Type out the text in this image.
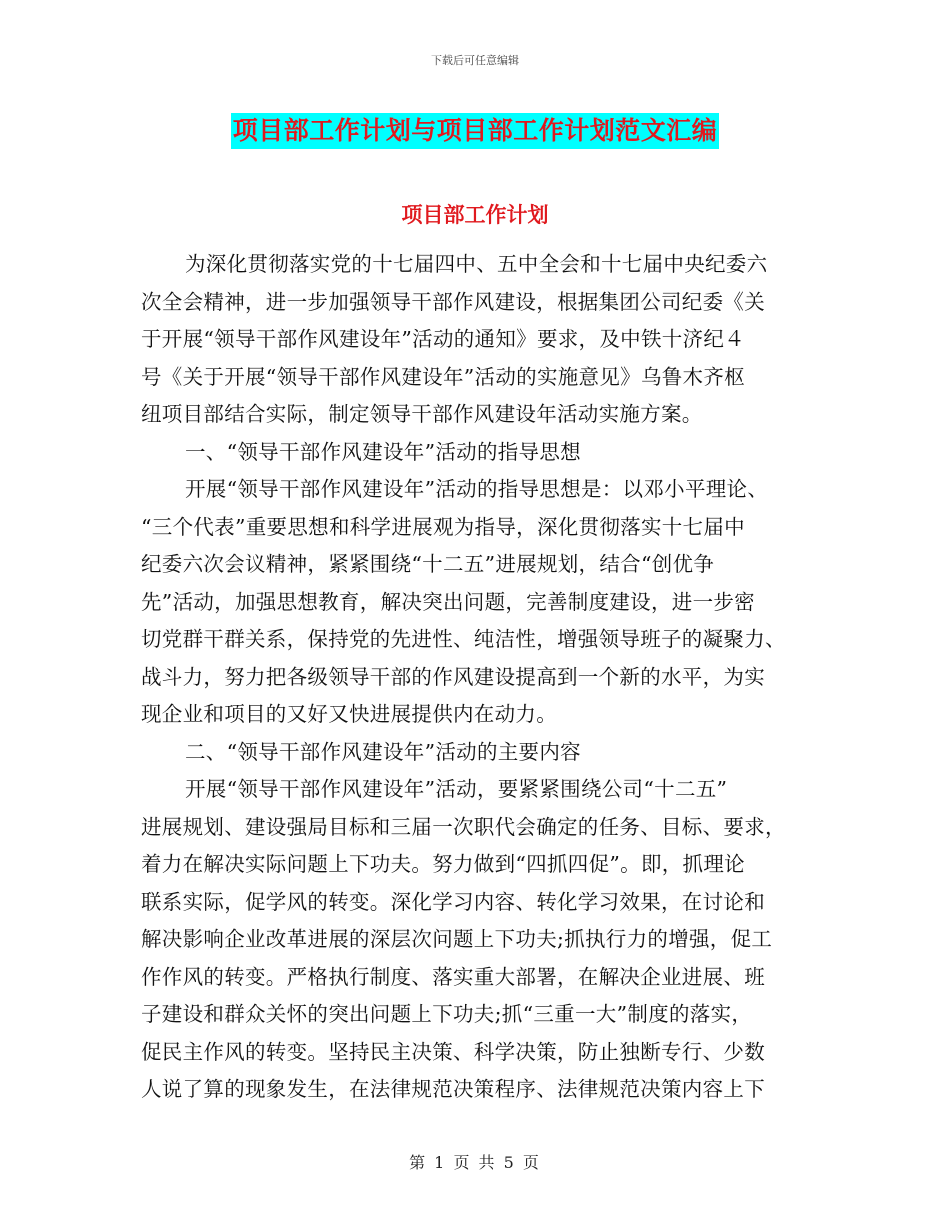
下载后可任意编辑
项目部工作计划与项目部工作计划范文汇编
项目部工作计划
为深化贯彻落实党的十七届四中、五中全会和十七届中央纪委六
次全会精神，进一步加强领导干部作风建设，根据集团公司纪委《关
于开展“领导干部作风建设年”活动的通知》要求，及中铁十济纪４
号《关于开展“领导干部作风建设年”活动的实施意见》乌鲁木齐枢
纽项目部结合实际，制定领导干部作风建设年活动实施方案。
一、“领导干部作风建设年”活动的指导思想
开展“领导干部作风建设年”活动的指导思想是：以邓小平理论、
“三个代表”重要思想和科学进展观为指导，深化贯彻落实十七届中
纪委六次会议精神，紧紧围绕“十二五”进展规划，结合“创优争
先”活动，加强思想教育，解决突出问题，完善制度建设，进一步密
切党群干群关系，保持党的先进性、纯洁性，增强领导班子的凝聚力、
战斗力，努力把各级领导干部的作风建设提高到一个新的水平，为实
现企业和项目的又好又快进展提供内在动力。
二、“领导干部作风建设年”活动的主要内容
开展“领导干部作风建设年”活动，要紧紧围绕公司“十二五”
进展规划、建设强局目标和三届一次职代会确定的任务、目标、要求，
着力在解决实际问题上下功夫。努力做到“四抓四促”。即，抓理论
联系实际，促学风的转变。深化学习内容、转化学习效果，在讨论和
解决影响企业改革进展的深层次问题上下功夫;抓执行力的增强，促工
作作风的转变。严格执行制度、落实重大部署，在解决企业进展、班
子建设和群众关怀的突出问题上下功夫;抓“三重一大”制度的落实，
促民主作风的转变。坚持民主决策、科学决策，防止独断专行、少数
人说了算的现象发生，在法律规范决策程序、法律规范决策内容上下
第 1 页 共 5 页
